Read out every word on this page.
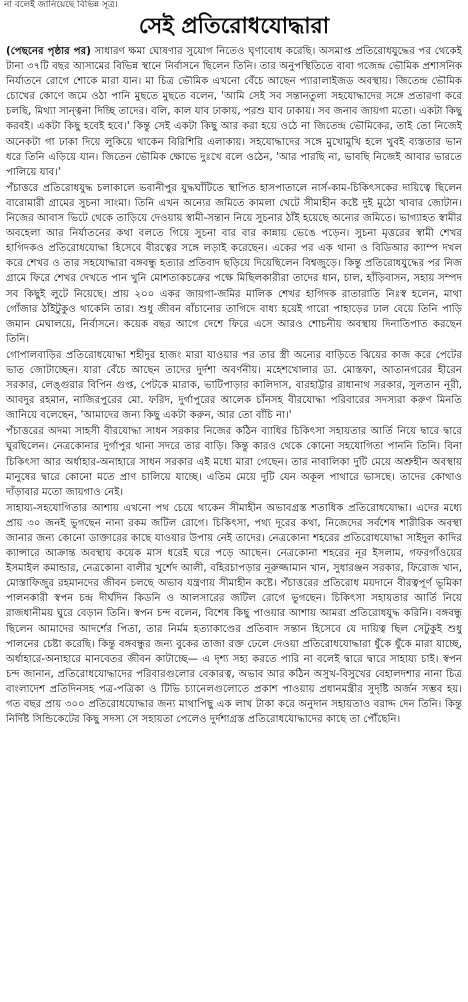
না বলেই জানিয়েছে বিভিন্ন সূত্র।
সেই প্রতিরোধযোদ্ধারা

(পেছনের পৃষ্ঠার পর) সাধারণ ক্ষমা ঘোষণার সুযোগ নিতেও ঘৃণাবোধ করেছি। অসমাপ্ত প্রতিরোধযুদ্ধের পর থেকেই টানা ৩৭টি বছর আসামের বিভিন্ন স্থানে নির্বাসনে ছিলেন তিনি। তার অনুপস্থিতিতে বাবা গজেন্দ্র ভৌমিক প্রশাসনিক নির্যাতনে রোগে শোকে মারা যান। মা চিত্র ভৌমিক এখনো বেঁচে আছেন প্যারালাইজড অবস্থায়। জিতেন্দ্র ভৌমিক চোখের কোণে জমে ওঠা পানি মুছতে মুছতে বলেন, 'আমি সেই সব সন্তানতুল্য সহযোদ্ধাদের সঙ্গে প্রতারণা করে চলছি, মিথ্যা সান্ত্বনা দিচ্ছি তাদের। বলি, কাল যাব ঢাকায়, পরশু যাব ঢাকায়। সব জনাব জায়গা মতো। একটা কিছু করবই। একটা কিছু হবেই হবে।' কিন্তু সেই একটা কিছু আর করা হয়ে ওঠে না জিতেন্দ্র ভৌমিকের, তাই তো নিজেই অনেকটা গা ঢাকা দিয়ে লুকিয়ে থাকেন বিরিশিরি এলাকায়। সহযোদ্ধাদের সঙ্গে মুখোমুখি হলে খুবই ব্যস্ততার ভান ধরে তিনি এড়িয়ে যান। জিতেন ভৌমিক ক্ষোভে দুঃখে বলে ওঠেন, 'আর পারছি না, ভাবছি নিজেই আবার ভারতে পালিয়ে যাব।'

পঁচাত্তরে প্রতিরোধযুদ্ধ চলাকালে ভবানীপুর যুদ্ধঘাঁটিতে স্থাপিত হাসপাতালে নার্স-কাম-চিকিৎসকের দায়িত্বে ছিলেন বারোমারী গ্রামের সুচনা সাংমা। তিনি এখন অন্যের জমিতে কামলা খেটে সীমাহীন কষ্টে দুই মুঠো খাবার জোটান। নিজের আবাস ভিটে থেকে তাড়িয়ে দেওয়ায় স্বামী-সন্তান নিয়ে সুচনার ঠাঁই হয়েছে অন্যের জমিতে। ভাগ্যাহত স্বামীর অবহেলা আর নির্যাতনের কথা বলতে গিয়ে সুচনা বার বার কান্নায় ভেঙে পড়েন। সুচনা মৃত্তরের স্বামী শেখর হাগিদকও প্রতিরোধযোদ্ধা হিসেবে বীরত্বের সঙ্গে লড়াই করেছেন। একের পর এক থানা ও বিডিআর ক্যাম্প দখল করে শেখর ও তার সহযোদ্ধারা বঙ্গবন্ধু হত্যার প্রতিবাদ ছড়িয়ে দিয়েছিলেন বিশ্বজুড়ে। কিন্তু প্রতিরোধযুদ্ধের পর নিজ গ্রামে ফিরে শেখর দেখতে পান খুনি মোশতাকচক্রের পক্ষে মিছিলকারীরা তাদের ধান, চাল, হাঁড়িবাসন, সহায় সম্পদ সব কিছুই লুটে নিয়েছে। প্রায় ২০০ একর জায়গা-জমির মালিক শেখর হাগিদক রাতারাতি নিঃস্ব হলেন, মাথা গোঁজার ঠাঁইটুকুও থাকেনি তার। শুধু জীবন বাঁচানোর তাগিদে বাধ্য হয়েই গারো পাহাড়ের ঢাল বেয়ে তিনি পাড়ি জমান মেঘালয়ে, নির্বাসনে। কয়েক বছর আগে দেশে ফিরে এসে আরও শোচনীয় অবস্থায় দিনাতিপাত করছেন তিনি।

গোপালবাড়ির প্রতিরোধযোদ্ধা শহীদুর হাজং মারা যাওয়ার পর তার স্ত্রী অন্যের বাড়িতে ঝিয়ের কাজ করে পেটের ভাত জোটাচ্ছেন। যারা বেঁচে আছেন তাদের দুর্দশা অবর্ণনীয়। মহেশখোলার ডা. মোস্তফা, আতানগরের হীরেন সরকার, লেঙ্গুরার বিপিন গুপ্ত, পেটকে মারাক, ভাটিপাড়ার কালিদাস, বারহাট্টার রাধানাথ সরকার, সুলতান নূরী, আবদুর রহমান, নাজিরপুরের মো. ফরিদ, দুর্গাপুরের আলেক চাঁনসহ বীরযোদ্ধা পরিবারের সদস্যরা করুণ মিনতি জানিয়ে বলেছেন, 'আমাদের জন্য কিছু একটা করুন, আর তো বাঁচি না।'

পঁচাত্তরের অদম্য সাহসী বীরযোদ্ধা সাধন সরকার নিজের কঠিন ব্যাধির চিকিৎসা সহায়তার আর্তি নিয়ে দ্বারে দ্বারে ঘুরছিলেন। নেত্রকোনার দুর্গাপুর থানা সদরে তার বাড়ি। কিন্তু কারও থেকে কোনো সহযোগিতা পাননি তিনি। বিনা চিকিৎসা আর অর্ধাহার-অনাহারে সাধন সরকার এই মধ্যে মারা গেছেন। তার নাবালিকা দুটি মেয়ে অশ্রুহীন অবস্থায় মানুষের দ্বারে কোনো মতে প্রাণ চালিয়ে যাচ্ছে। এতিম মেয়ে দুটি যেন অকূল পাথারে ভাসছে। তাদের কোথাও দাঁড়াবার মতো জায়গাও নেই।

সাহায্য-সহযোগিতার আশায় এখনো পথ চেয়ে থাকেন সীমাহীন অভাবগ্রস্ত শতাধিক প্রতিরোধযোদ্ধা। এদের মধ্যে প্রায় ৩০ জনই ভুগছেন নানা রকম জটিল রোগে। চিকিৎসা, পথ্য দূরের কথা, নিজেদের সর্বশেষ শারীরিক অবস্থা জানার জন্য কোনো ডাক্তারের কাছে যাওয়ার উপায় নেই তাদের। নেত্রকোনা শহরের প্রতিরোধযোদ্ধা সাইদুল কাদির ক্যান্সারে আক্রান্ত অবস্থায় কয়েক মাস ধরেই ঘরে পড়ে আছেন। নেত্রকোনা শহরের নূর ইসলাম, গফরগাঁওয়ের ইসমাইল কমান্ডার, নেত্রকোনা বালীর খুর্শেদ আলী, বহিরচাপড়ার নূরুজ্জামান খান, সুধারঞ্জন সরকার, ফিরোজ খান, মোস্তাফিজুর রহমানদের জীবন চলছে অভাব যন্ত্রণায় সীমাহীন কষ্টে। পঁচাত্তরের প্রতিরোধ ময়দানে বীরত্বপূর্ণ ভূমিকা পালনকারী স্বপন চন্দ্র দীর্ঘদিন কিডনি ও আলসারের জটিল রোগে ভুগছেন। চিকিৎসা সহায়তার আর্তি নিয়ে রাজধানীময় ঘুরে বেড়ান তিনি। স্বপন চন্দ বলেন, বিশেষ কিছু পাওয়ার আশায় আমরা প্রতিরোধযুদ্ধ করিনি। বঙ্গবন্ধু ছিলেন আমাদের আদর্শের পিতা, তার নির্মম হত্যাকাণ্ডের প্রতিবাদ সন্তান হিসেবে যে দায়িত্ব ছিল সেটুকুই শুধু পালনের চেষ্টা করেছি। কিন্তু বঙ্গবন্ধুর জন্য বুকের তাজা রক্ত ঢেলে দেওয়া প্রতিরোধযোদ্ধারা ধুঁকে ধুঁকে মারা যাচ্ছে, অর্ধাহারে-অনাহারে মানবেতর জীবন কাটাচ্ছে— এ দৃশ্য সহ্য করতে পারি না বলেই দ্বারে দ্বারে সাহায্য চাই। স্বপন চন্দ জানান, প্রতিরোধযোদ্ধাদের পরিবারগুলোর বেকারত্ব, অভাব আর কঠিন অসুখ-বিসুখের বেহালদশার নানা চিত্র বাংলাদেশ প্রতিদিনসহ পত্র-পত্রিকা ও টিভি চ্যানেলগুলোতে প্রকাশ পাওয়ায় প্রধানমন্ত্রীর সুদৃষ্টি অর্জন সম্ভব হয়। গত বছর প্রায় ৩০০ প্রতিরোধযোদ্ধার জন্য মাথাপিছু এক লাখ টাকা করে অনুদান সহায়তাও বরাদ্দ দেন তিনি। কিন্তু নির্দিষ্ট সিন্ডিকেটের কিছু সদস্য সে সহায়তা পেলেও দুর্দশাগ্রস্ত প্রতিরোধযোদ্ধাদের কাছে তা পৌঁছেনি।
